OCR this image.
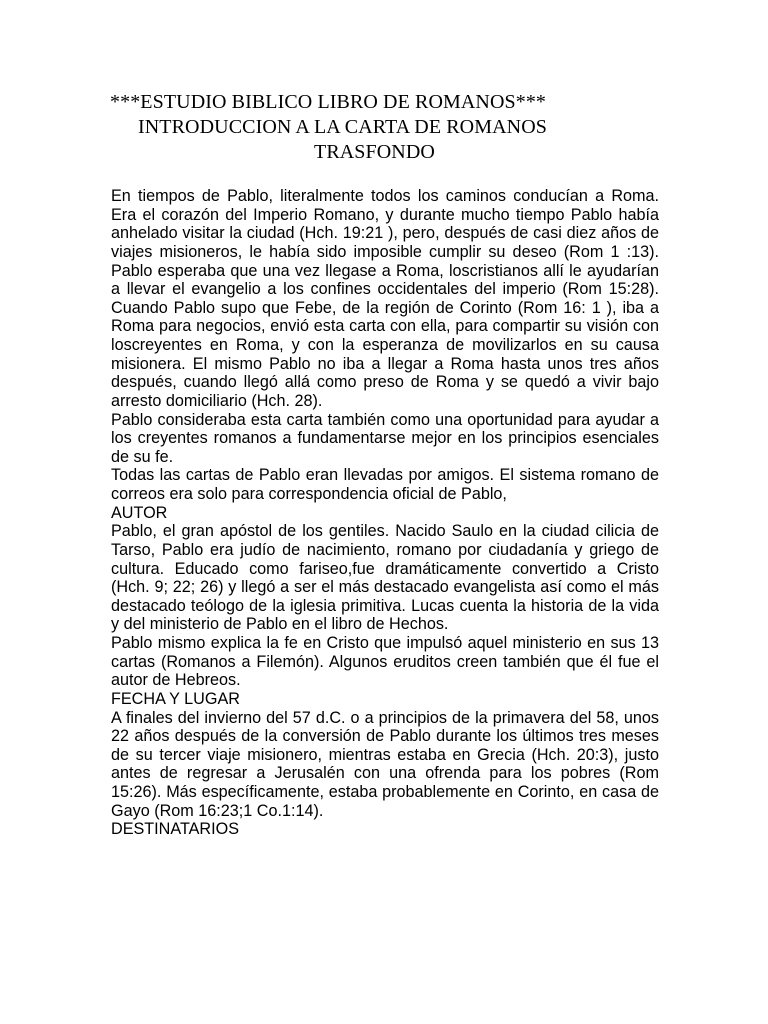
***ESTUDIO BIBLICO LIBRO DE ROMANOS***
INTRODUCCION A LA CARTA DE ROMANOS
TRASFONDO

En tiempos de Pablo, literalmente todos los caminos conducían a Roma. Era el corazón del Imperio Romano, y durante mucho tiempo Pablo había anhelado visitar la ciudad (Hch. 19:21 ), pero, después de casi diez años de viajes misioneros, le había sido imposible cumplir su deseo (Rom 1 :13). Pablo esperaba que una vez llegase a Roma, loscristianos allí le ayudarían a llevar el evangelio a los confines occidentales del imperio (Rom 15:28). Cuando Pablo supo que Febe, de la región de Corinto (Rom 16: 1 ), iba a Roma para negocios, envió esta carta con ella, para compartir su visión con loscreyentes en Roma, y con la esperanza de movilizarlos en su causa misionera. El mismo Pablo no iba a llegar a Roma hasta unos tres años después, cuando llegó allá como preso de Roma y se quedó a vivir bajo arresto domiciliario (Hch. 28).

Pablo consideraba esta carta también como una oportunidad para ayudar a los creyentes romanos a fundamentarse mejor en los principios esenciales de su fe.

Todas las cartas de Pablo eran llevadas por amigos. El sistema romano de correos era solo para correspondencia oficial de Pablo,

AUTOR

Pablo, el gran apóstol de los gentiles. Nacido Saulo en la ciudad cilicia de Tarso, Pablo era judío de nacimiento, romano por ciudadanía y griego de cultura. Educado como fariseo,fue dramáticamente convertido a Cristo (Hch. 9; 22; 26) y llegó a ser el más destacado evangelista así como el más destacado teólogo de la iglesia primitiva. Lucas cuenta la historia de la vida y del ministerio de Pablo en el libro de Hechos.

Pablo mismo explica la fe en Cristo que impulsó aquel ministerio en sus 13 cartas (Romanos a Filemón). Algunos eruditos creen también que él fue el autor de Hebreos.

FECHA Y LUGAR

A finales del invierno del 57 d.C. o a principios de la primavera del 58, unos 22 años después de la conversión de Pablo durante los últimos tres meses de su tercer viaje misionero, mientras estaba en Grecia (Hch. 20:3), justo antes de regresar a Jerusalén con una ofrenda para los pobres (Rom 15:26). Más específicamente, estaba probablemente en Corinto, en casa de Gayo (Rom 16:23;1 Co.1:14).

DESTINATARIOS
